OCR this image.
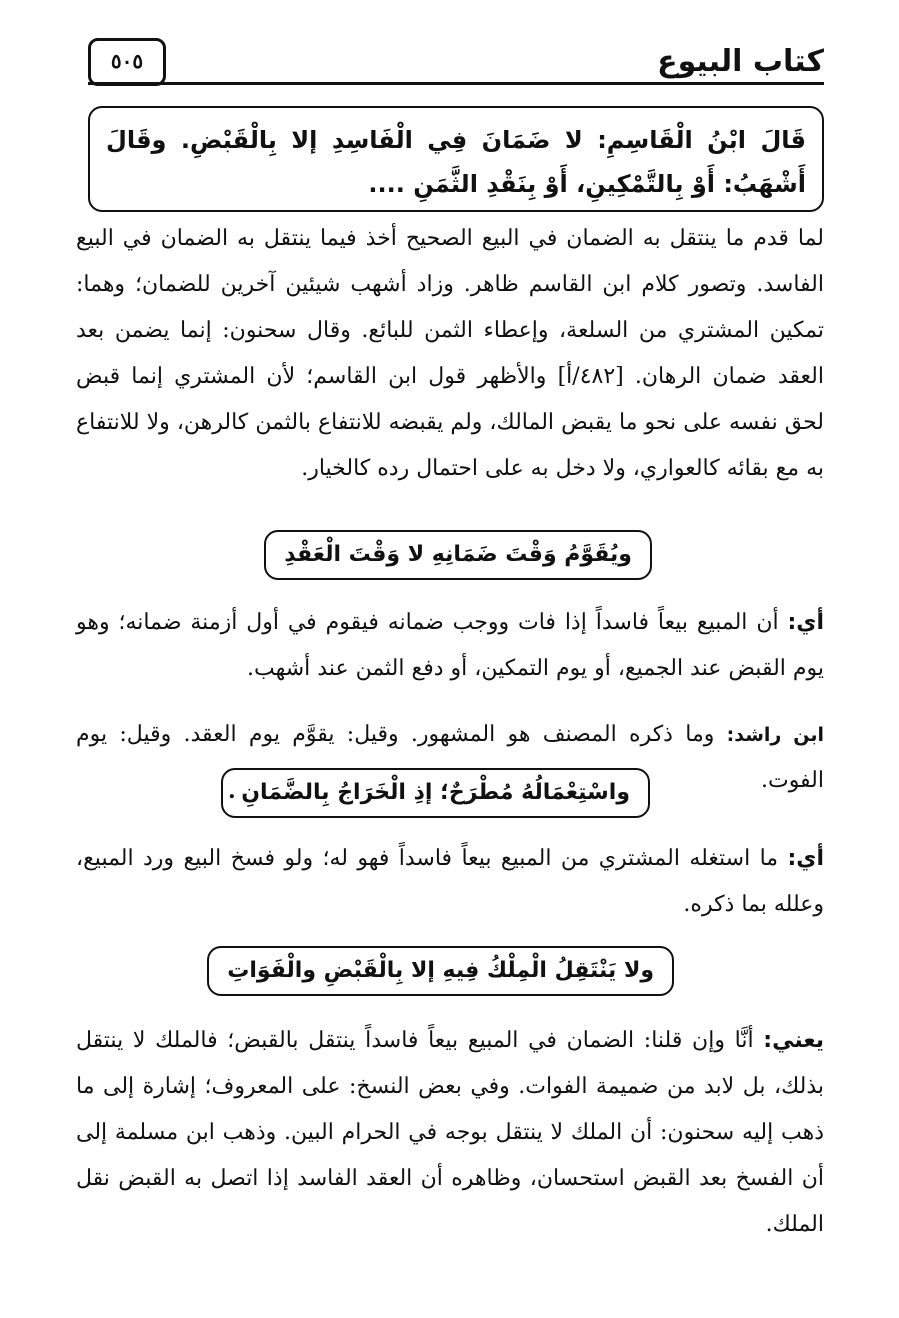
كتاب البيوع
٥٠٥
قَالَ ابْنُ الْقَاسِمِ: لا ضَمَانَ فِي الْفَاسِدِ إلا بِالْقَبْضِ. وقَالَ أَشْهَبُ: أَوْ بِالتَّمْكِينِ، أَوْ بِنَقْدِ الثَّمَنِ ....
لما قدم ما ينتقل به الضمان في البيع الصحيح أخذ فيما ينتقل به الضمان في البيع الفاسد. وتصور كلام ابن القاسم ظاهر. وزاد أشهب شيئين آخرين للضمان؛ وهما: تمكين المشتري من السلعة، وإعطاء الثمن للبائع. وقال سحنون: إنما يضمن بعد العقد ضمان الرهان. [٤٨٢/أ] والأظهر قول ابن القاسم؛ لأن المشتري إنما قبض لحق نفسه على نحو ما يقبض المالك، ولم يقبضه للانتفاع بالثمن كالرهن، ولا للانتفاع به مع بقائه كالعواري، ولا دخل به على احتمال رده كالخيار.
ويُقَوَّمُ وَقْتَ ضَمَانِهِ لا وَقْتَ الْعَقْدِ
أي: أن المبيع بيعاً فاسداً إذا فات ووجب ضمانه فيقوم في أول أزمنة ضمانه؛ وهو يوم القبض عند الجميع، أو يوم التمكين، أو دفع الثمن عند أشهب.
ابن راشد: وما ذكره المصنف هو المشهور. وقيل: يقوَّم يوم العقد. وقيل: يوم الفوت.
واسْتِعْمَالُهُ مُطْرَحٌ؛ إذِ الْخَرَاجُ بِالضَّمَانِ
.
أي: ما استغله المشتري من المبيع بيعاً فاسداً فهو له؛ ولو فسخ البيع ورد المبيع، وعلله بما ذكره.
ولا يَنْتَقِلُ الْمِلْكُ فِيهِ إلا بِالْقَبْضِ والْفَوَاتِ
يعني: أنَّا وإن قلنا: الضمان في المبيع بيعاً فاسداً ينتقل بالقبض؛ فالملك لا ينتقل بذلك، بل لابد من ضميمة الفوات. وفي بعض النسخ: على المعروف؛ إشارة إلى ما ذهب إليه سحنون: أن الملك لا ينتقل بوجه في الحرام البين. وذهب ابن مسلمة إلى أن الفسخ بعد القبض استحسان، وظاهره أن العقد الفاسد إذا اتصل به القبض نقل الملك.
